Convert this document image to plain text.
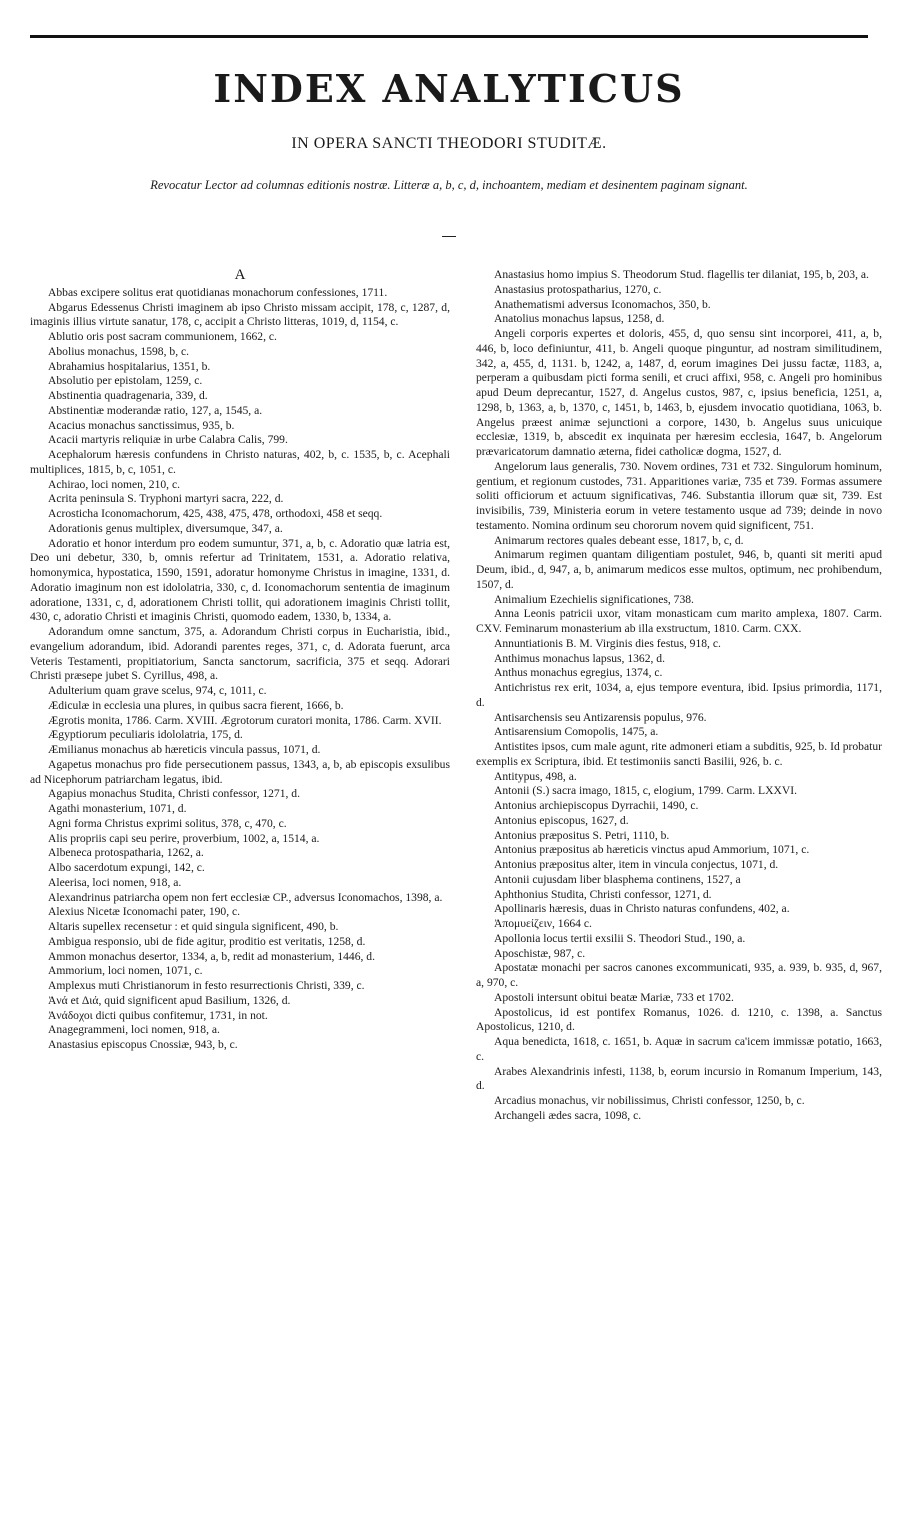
INDEX ANALYTICUS
IN OPERA SANCTI THEODORI STUDITÆ.
Revocatur Lector ad columnas editionis nostræ. Litteræ a, b, c, d, inchoantem, mediam et desinentem paginam signant.
A

Abbas excipere solitus erat quotidianas monachorum confessiones, 1711.

Abgarus Edessenus Christi imaginem ab ipso Christo missam accipit, 178, c, 1287, d, imaginis illius virtute sanatur, 178, c, accipit a Christo litteras, 1019, d, 1154, c.

Ablutio oris post sacram communionem, 1662, c.

Abolius monachus, 1598, b, c.

Abrahamius hospitalarius, 1351, b.

Absolutio per epistolam, 1259, c.

Abstinentia quadragenaria, 339, d.

Abstinentiæ moderandæ ratio, 127, a, 1545, a.

Acacius monachus sanctissimus, 935, b.

Acacii martyris reliquiæ in urbe Calabra Calis, 799.

Acephalorum hæresis confundens in Christo naturas, 402, b, c. 1535, b, c. Acephali multiplices, 1815, b, c, 1051, c.

Achirao, loci nomen, 210, c.

Acrita peninsula S. Tryphoni martyri sacra, 222, d.

Acrosticha Iconomachorum, 425, 438, 475, 478, orthodoxi, 458 et seqq.

Adorationis genus multiplex, diversumque, 347, a.

Adoratio et honor interdum pro eodem sumuntur, 371, a, b, c. Adoratio quæ latria est, Deo uni debetur, 330, b, omnis refertur ad Trinitatem, 1531, a. Adoratio relativa, homonymica, hypostatica, 1590, 1591, adoratur homonyme Christus in imagine, 1331, d. Adoratio imaginum non est idololatria, 330, c, d. Iconomachorum sententia de imaginum adoratione, 1331, c, d, adorationem Christi tollit, qui adorationem imaginis Christi tollit, 430, c, adoratio Christi et imaginis Christi, quomodo eadem, 1330, b, 1334, a.

Adorandum omne sanctum, 375, a. Adorandum Christi corpus in Eucharistia, ibid., evangelium adorandum, ibid. Adorandi parentes reges, 371, c, d. Adorata fuerunt, arca Veteris Testamenti, propitiatorium, Sancta sanctorum, sacrificia, 375 et seqq. Adorari Christi præsepe jubet S. Cyrillus, 498, a.

Adulterium quam grave scelus, 974, c, 1011, c.

Ædiculæ in ecclesia una plures, in quibus sacra fierent, 1666, b.

Ægrotis monita, 1786. Carm. XVIII. Ægrotorum curatori monita, 1786. Carm. XVII.

Ægyptiorum peculiaris idololatria, 175, d.

Æmilianus monachus ab hæreticis vincula passus, 1071, d.

Agapetus monachus pro fide persecutionem passus, 1343, a, b, ab episcopis exsulibus ad Nicephorum patriarcham legatus, ibid.

Agapius monachus Studita, Christi confessor, 1271, d.

Agathi monasterium, 1071, d.

Agni forma Christus exprimi solitus, 378, c, 470, c.

Alis propriis capi seu perire, proverbium, 1002, a, 1514, a.

Albeneca protospatharia, 1262, a.

Albo sacerdotum expungi, 142, c.

Aleerisa, loci nomen, 918, a.

Alexandrinus patriarcha opem non fert ecclesiæ CP., adversus Iconomachos, 1398, a.

Alexius Nicetæ Iconomachi pater, 190, c.

Altaris supellex recensetur : et quid singula significent, 490, b.

Ambigua responsio, ubi de fide agitur, proditio est veritatis, 1258, d.

Ammon monachus desertor, 1334, a, b, redit ad monasterium, 1446, d.

Ammorium, loci nomen, 1071, c.

Amplexus muti Christianorum in festo resurrectionis Christi, 339, c.

Ἀνά et Διά, quid significent apud Basilium, 1326, d.

Ἀνάδοχοι dicti quibus confitemur, 1731, in not.

Anagegrammeni, loci nomen, 918, a.

Anastasius episcopus Cnossiæ, 943, b, c.

Anastasius homo impius S. Theodorum Stud. flagellis ter dilaniat, 195, b, 203, a.

Anastasius protospatharius, 1270, c.

Anathematismi adversus Iconomachos, 350, b.

Anatolius monachus lapsus, 1258, d.

Angeli corporis expertes et doloris, 455, d, quo sensu sint incorporei, 411, a, b, 446, b, loco definiuntur, 411, b. Angeli quoque pinguntur, ad nostram similitudinem, 342, a, 455, d, 1131. b, 1242, a, 1487, d, eorum imagines Dei jussu factæ, 1183, a, perperam a quibusdam picti forma senili, et cruci affixi, 958, c. Angeli pro hominibus apud Deum deprecantur, 1527, d. Angelus custos, 987, c, ipsius beneficia, 1251, a, 1298, b, 1363, a, b, 1370, c, 1451, b, 1463, b, ejusdem invocatio quotidiana, 1063, b. Angelus præest animæ sejunctioni a corpore, 1430, b. Angelus suus unicuique ecclesiæ, 1319, b, abscedit ex inquinata per hæresim ecclesia, 1647, b. Angelorum prævaricatorum damnatio æterna, fidei catholicæ dogma, 1527, d.

Angelorum laus generalis, 730. Novem ordines, 731 et 732. Singulorum hominum, gentium, et regionum custodes, 731. Apparitiones variæ, 735 et 739. Formas assumere soliti officiorum et actuum significativas, 746. Substantia illorum quæ sit, 739. Est invisibilis, 739, Ministeria eorum in vetere testamento usque ad 739; deinde in novo testamento. Nomina ordinum seu chororum novem quid significent, 751.

Animarum rectores quales debeant esse, 1817, b, c, d.

Animarum regimen quantam diligentiam postulet, 946, b, quanti sit meriti apud Deum, ibid., d, 947, a, b, animarum medicos esse multos, optimum, nec prohibendum, 1507, d.

Animalium Ezechielis significationes, 738.

Anna Leonis patricii uxor, vitam monasticam cum marito amplexa, 1807. Carm. CXV. Feminarum monasterium ab illa exstructum, 1810. Carm. CXX.

Annuntiationis B. M. Virginis dies festus, 918, c.

Anthimus monachus lapsus, 1362, d.

Anthus monachus egregius, 1374, c.

Antichristus rex erit, 1034, a, ejus tempore eventura, ibid. Ipsius primordia, 1171, d.

Antisarchensis seu Antizarensis populus, 976.

Antisarensium Comopolis, 1475, a.

Antistites ipsos, cum male agunt, rite admoneri etiam a subditis, 925, b. Id probatur exemplis ex Scriptura, ibid. Et testimoniis sancti Basilii, 926, b. c.

Antitypus, 498, a.

Antonii (S.) sacra imago, 1815, c, elogium, 1799. Carm. LXXVI.

Antonius archiepiscopus Dyrrachii, 1490, c.

Antonius episcopus, 1627, d.

Antonius præpositus S. Petri, 1110, b.

Antonius præpositus ab hæreticis vinctus apud Ammorium, 1071, c.

Antonius præpositus alter, item in vincula conjectus, 1071, d.

Antonii cujusdam liber blasphema continens, 1527, a

Aphthonius Studita, Christi confessor, 1271, d.

Apollinaris hæresis, duas in Christo naturas confundens, 402, a.

Ἀπομυείζειν, 1664 c.

Apollonia locus tertii exsilii S. Theodori Stud., 190, a.

Aposchistæ, 987, c.

Apostatæ monachi per sacros canones excommunicati, 935, a. 939, b. 935, d, 967, a, 970, c.

Apostoli intersunt obitui beatæ Mariæ, 733 et 1702.

Apostolicus, id est pontifex Romanus, 1026. d. 1210, c. 1398, a. Sanctus Apostolicus, 1210, d.

Aqua benedicta, 1618, c. 1651, b. Aquæ in sacrum ca'icem immissæ potatio, 1663, c.

Arabes Alexandrinis infesti, 1138, b, eorum incursio in Romanum Imperium, 143, d.

Arcadius monachus, vir nobilissimus, Christi confessor, 1250, b, c.

Archangeli ædes sacra, 1098, c.
